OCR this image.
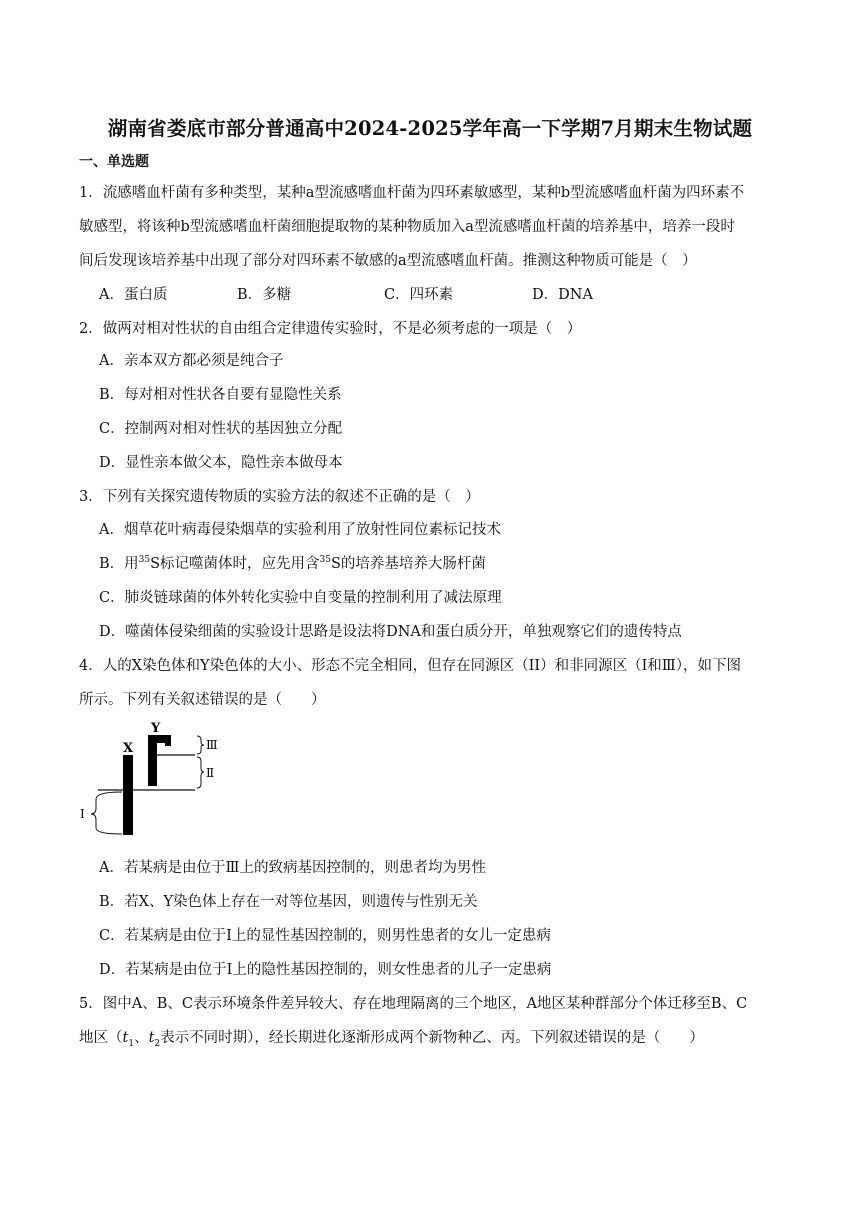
湖南省娄底市部分普通高中2024-2025学年高一下学期7月期末生物试题
一、单选题
1．流感嗜血杆菌有多种类型，某种a型流感嗜血杆菌为四环素敏感型，某种b型流感嗜血杆菌为四环素不
敏感型，将该种b型流感嗜血杆菌细胞提取物的某种物质加入a型流感嗜血杆菌的培养基中，培养一段时
间后发现该培养基中出现了部分对四环素不敏感的a型流感嗜血杆菌。推测这种物质可能是（　）
A．蛋白质	B．多糖	C．四环素	D．DNA
2．做两对相对性状的自由组合定律遗传实验时，不是必须考虑的一项是（　）
A．亲本双方都必须是纯合子
B．每对相对性状各自要有显隐性关系
C．控制两对相对性状的基因独立分配
D．显性亲本做父本，隐性亲本做母本
3．下列有关探究遗传物质的实验方法的叙述不正确的是（　）
A．烟草花叶病毒侵染烟草的实验利用了放射性同位素标记技术
B．用$^{35}$S标记噬菌体时，应先用含$^{35}$S的培养基培养大肠杆菌
C．肺炎链球菌的体外转化实验中自变量的控制利用了减法原理
D．噬菌体侵染细菌的实验设计思路是设法将DNA和蛋白质分开，单独观察它们的遗传特点
4．人的X染色体和Y染色体的大小、形态不完全相同，但存在同源区（II）和非同源区（I和Ⅲ），如下图
所示。下列有关叙述错误的是（　　）
X
Y
Ⅲ
Ⅱ
I
A．若某病是由位于Ⅲ上的致病基因控制的，则患者均为男性
B．若X、Y染色体上存在一对等位基因，则遗传与性别无关
C．若某病是由位于I上的显性基因控制的，则男性患者的女儿一定患病
D．若某病是由位于I上的隐性基因控制的，则女性患者的儿子一定患病
5．图中A、B、C表示环境条件差异较大、存在地理隔离的三个地区，A地区某种群部分个体迁移至B、C
地区（$t_1$、$t_2$表示不同时期），经长期进化逐渐形成两个新物种乙、丙。下列叙述错误的是（　　）
